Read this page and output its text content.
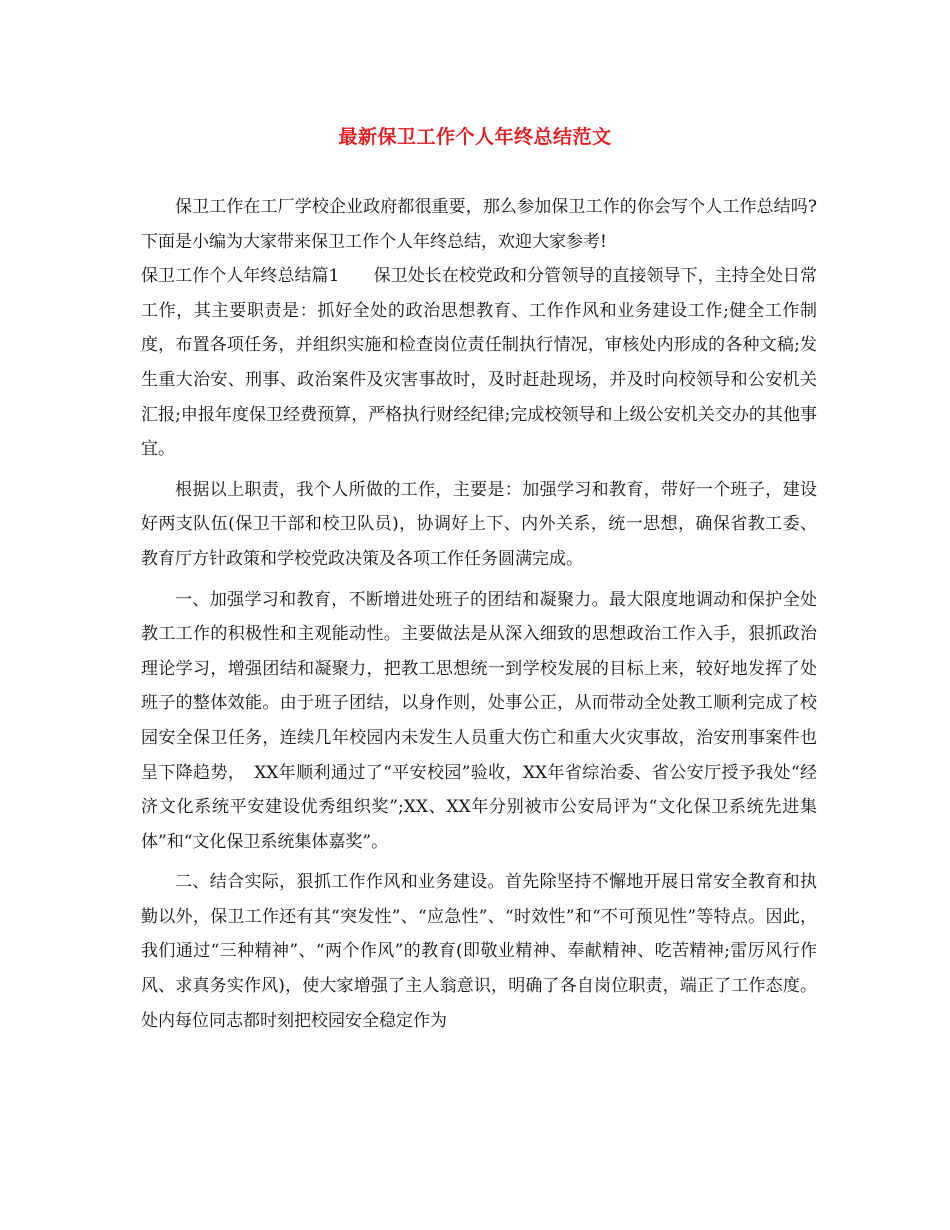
最新保卫工作个人年终总结范文

保卫工作在工厂学校企业政府都很重要，那么参加保卫工作的你会写个人工作总结吗?下面是小编为大家带来保卫工作个人年终总结，欢迎大家参考!

保卫工作个人年终总结篇1　　保卫处长在校党政和分管领导的直接领导下，主持全处日常工作，其主要职责是：抓好全处的政治思想教育、工作作风和业务建设工作;健全工作制度，布置各项任务，并组织实施和检查岗位责任制执行情况，审核处内形成的各种文稿;发生重大治安、刑事、政治案件及灾害事故时，及时赶赴现场，并及时向校领导和公安机关汇报;申报年度保卫经费预算，严格执行财经纪律;完成校领导和上级公安机关交办的其他事宜。

根据以上职责，我个人所做的工作，主要是：加强学习和教育，带好一个班子，建设好两支队伍(保卫干部和校卫队员)，协调好上下、内外关系，统一思想，确保省教工委、教育厅方针政策和学校党政决策及各项工作任务圆满完成。

一、加强学习和教育，不断增进处班子的团结和凝聚力。最大限度地调动和保护全处教工工作的积极性和主观能动性。主要做法是从深入细致的思想政治工作入手，狠抓政治理论学习，增强团结和凝聚力，把教工思想统一到学校发展的目标上来，较好地发挥了处班子的整体效能。由于班子团结，以身作则，处事公正，从而带动全处教工顺利完成了校园安全保卫任务，连续几年校园内未发生人员重大伤亡和重大火灾事故，治安刑事案件也呈下降趋势，　XX年顺利通过了“平安校园”验收，XX年省综治委、省公安厅授予我处“经济文化系统平安建设优秀组织奖”;XX、XX年分别被市公安局评为“文化保卫系统先进集体”和“文化保卫系统集体嘉奖”。

二、结合实际，狠抓工作作风和业务建设。首先除坚持不懈地开展日常安全教育和执勤以外，保卫工作还有其“突发性”、“应急性”、“时效性”和“不可预见性”等特点。因此，我们通过“三种精神”、“两个作风”的教育(即敬业精神、奉献精神、吃苦精神;雷厉风行作风、求真务实作风)，使大家增强了主人翁意识，明确了各自岗位职责，端正了工作态度。处内每位同志都时刻把校园安全稳定作为
